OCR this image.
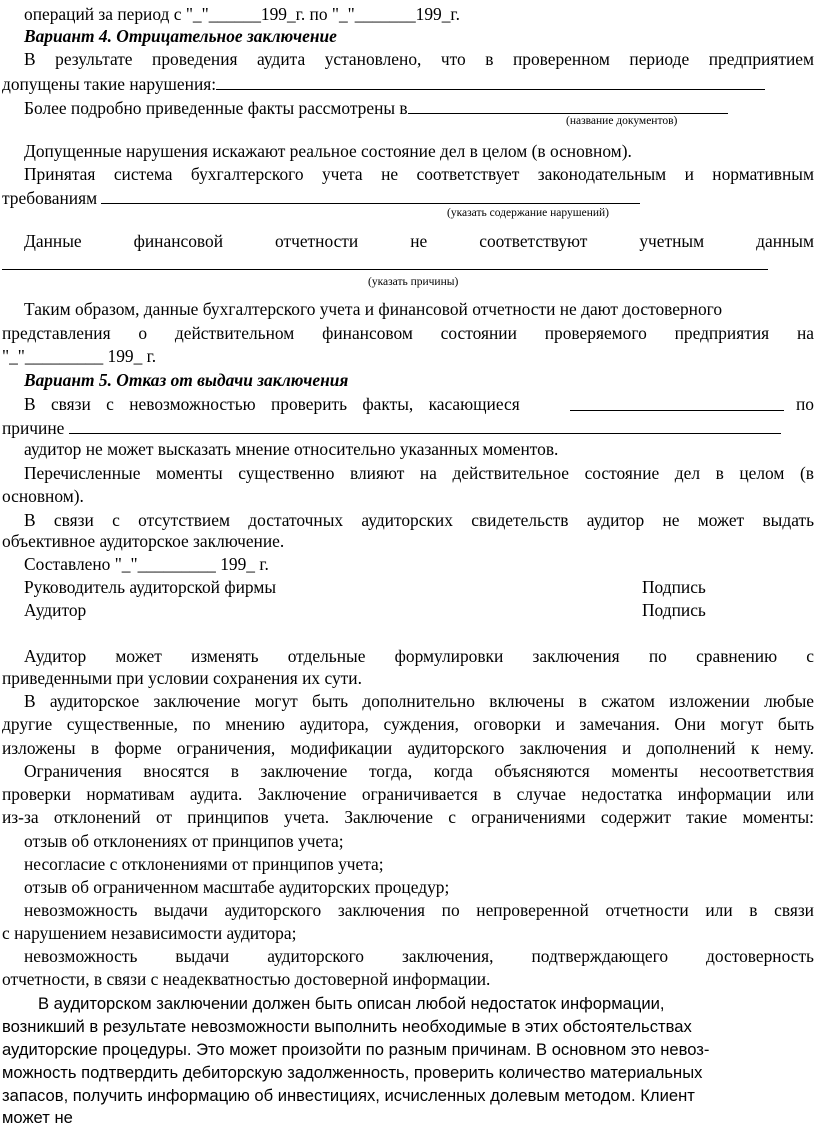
операций за период с "_"______199_г. по "_"_______199_г.
Вариант 4. Отрицательное заключение
В результате проведения аудита установлено, что в проверенном периоде предприятием
допущены такие нарушения:
Более подробно приведенные факты рассмотрены в
(название документов)
Допущенные нарушения искажают реальное состояние дел в целом (в основном).
Принятая система бухгалтерского учета не соответствует законодательным и нормативным
требованиям
(указать содержание нарушений)
Данные финансовой отчетности не соответствуют учетным данным
(указать причины)
Таким образом, данные бухгалтерского учета и финансовой отчетности не дают достоверного
представления о действительном финансовом состоянии проверяемого предприятия на
"_"_________ 199_ г.
Вариант 5. Отказ от выдачи заключения
В связи с невозможностью проверить факты, касающиеся	по
причине
аудитор не может высказать мнение относительно указанных моментов.
Перечисленные моменты существенно влияют на действительное состояние дел в целом (в
основном).
В связи с отсутствием достаточных аудиторских свидетельств аудитор не может выдать
объективное аудиторское заключение.
Составлено "_"_________ 199_ г.
Руководитель аудиторской фирмы	Подпись
Аудитор	Подпись
Аудитор может изменять отдельные формулировки заключения по сравнению с
приведенными при условии сохранения их сути.
В аудиторское заключение могут быть дополнительно включены в сжатом изложении любые
другие существенные, по мнению аудитора, суждения, оговорки и замечания. Они могут быть
изложены в форме ограничения, модификации аудиторского заключения и дополнений к нему.
Ограничения вносятся в заключение тогда, когда объясняются моменты несоответствия
проверки нормативам аудита. Заключение ограничивается в случае недостатка информации или
из-за отклонений от принципов учета. Заключение с ограничениями содержит такие моменты:
отзыв об отклонениях от принципов учета;
несогласие с отклонениями от принципов учета;
отзыв об ограниченном масштабе аудиторских процедур;
невозможность выдачи аудиторского заключения по непроверенной отчетности или в связи
с нарушением независимости аудитора;
невозможность выдачи аудиторского заключения, подтверждающего достоверность
отчетности, в связи с неадекватностью достоверной информации.
В аудиторском заключении должен быть описан любой недостаток информации,
возникший в результате невозможности выполнить необходимые в этих обстоятельствах
аудиторские процедуры. Это может произойти по разным причинам. В основном это невоз-
можность подтвердить дебиторскую задолженность, проверить количество материальных
запасов, получить информацию об инвестициях, исчисленных долевым методом. Клиент
может не
